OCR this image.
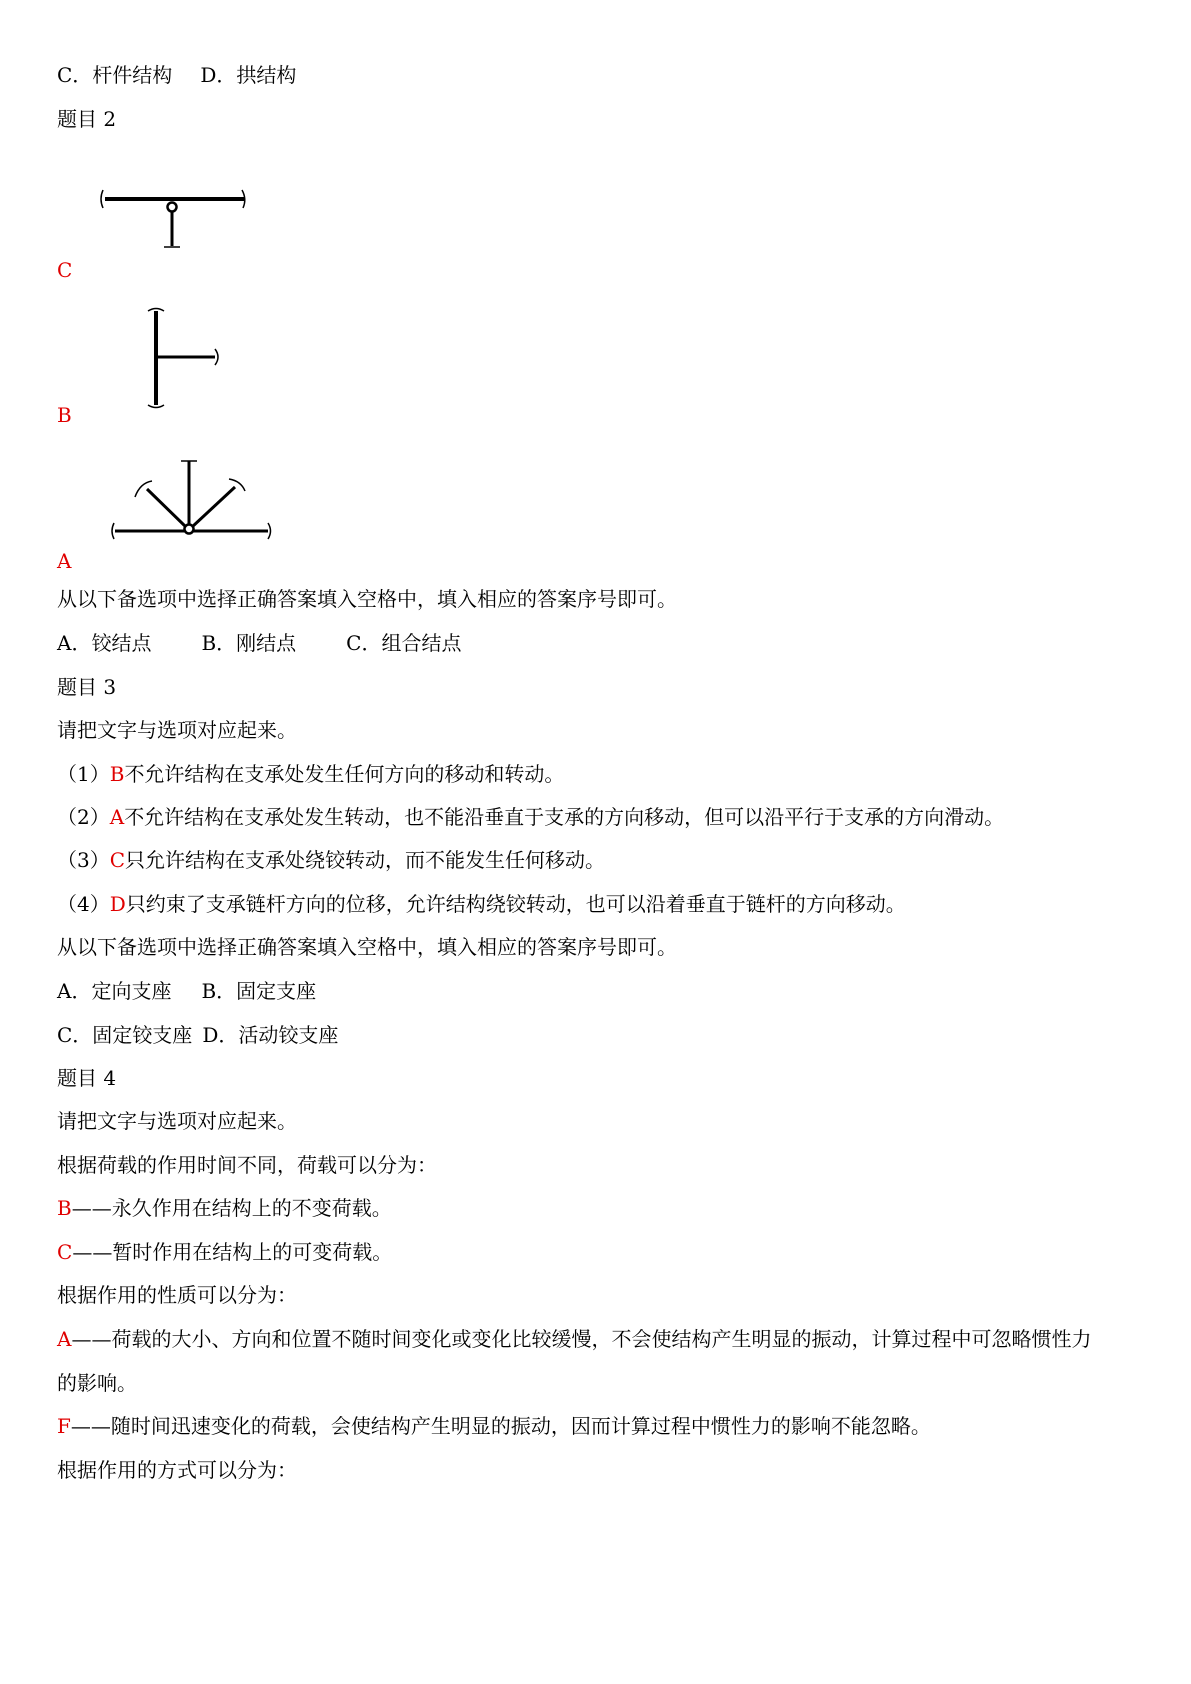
C．杆件结构 D．拱结构
题目 2
C
B
A
从以下备选项中选择正确答案填入空格中，填入相应的答案序号即可。
A．铰结点	B．刚结点	C．组合结点
题目 3
请把文字与选项对应起来。
（1）B不允许结构在支承处发生任何方向的移动和转动。
（2）A不允许结构在支承处发生转动，也不能沿垂直于支承的方向移动，但可以沿平行于支承的方向滑动。
（3）C只允许结构在支承处绕铰转动，而不能发生任何移动。
（4）D只约束了支承链杆方向的位移，允许结构绕铰转动，也可以沿着垂直于链杆的方向移动。
从以下备选项中选择正确答案填入空格中，填入相应的答案序号即可。
A．定向支座 B．固定支座
C．固定铰支座 D．活动铰支座
题目 4
请把文字与选项对应起来。
根据荷载的作用时间不同，荷载可以分为：
B——永久作用在结构上的不变荷载。
C——暂时作用在结构上的可变荷载。
根据作用的性质可以分为：
A——荷载的大小、方向和位置不随时间变化或变化比较缓慢，不会使结构产生明显的振动，计算过程中可忽略惯性力
的影响。
F——随时间迅速变化的荷载，会使结构产生明显的振动，因而计算过程中惯性力的影响不能忽略。
根据作用的方式可以分为：
